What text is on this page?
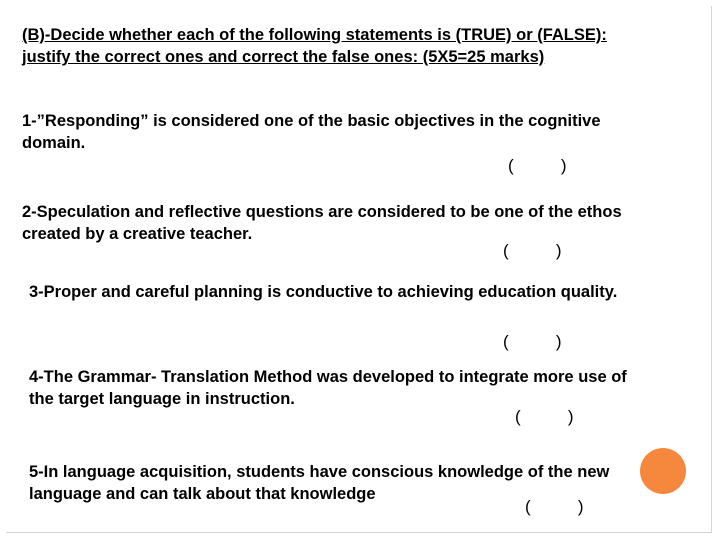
(B)-Decide whether each of the following statements is (TRUE) or (FALSE):
justify the correct ones and correct the false ones: (5X5=25 marks)
1-”Responding” is considered one of the basic objectives in the cognitive
domain.
(          )
2-Speculation and reflective questions are considered to be one of the ethos
created by a creative teacher.
(          )
3-Proper and careful planning is conductive to achieving education quality.
(          )
4-The Grammar- Translation Method was developed to integrate more use of
the target language in instruction.
(          )
5-In language acquisition, students have conscious knowledge of the new
language and can talk about that knowledge
(          )
